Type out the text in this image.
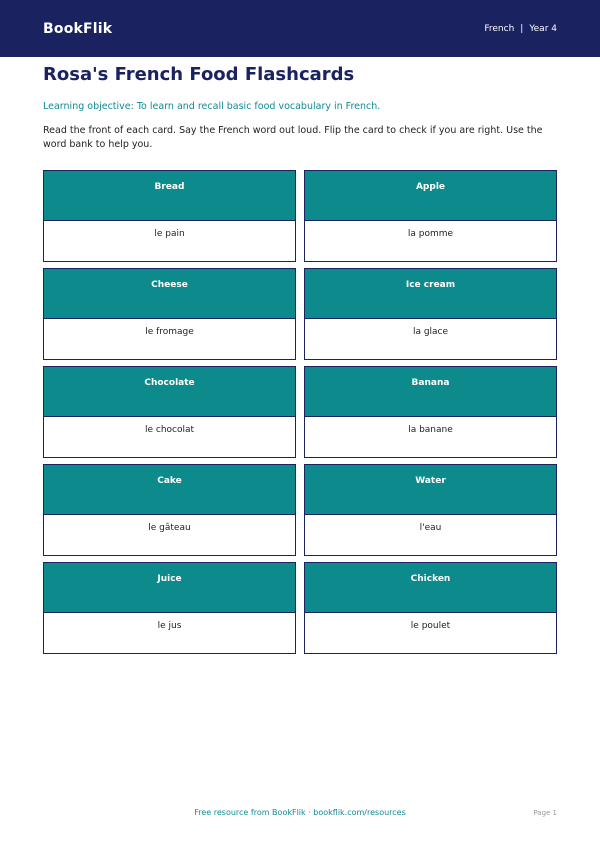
BookFlik	French | Year 4
Rosa's French Food Flashcards

Learning objective: To learn and recall basic food vocabulary in French.

Read the front of each card. Say the French word out loud. Flip the card to check if you are right. Use the word bank to help you.

Bread
le pain
Apple
la pomme
Cheese
le fromage
Ice cream
la glace
Chocolate
le chocolat
Banana
la banane
Cake
le gâteau
Water
l'eau
Juice
le jus
Chicken
le poulet
Free resource from BookFlik · bookflik.com/resources	Page 1
